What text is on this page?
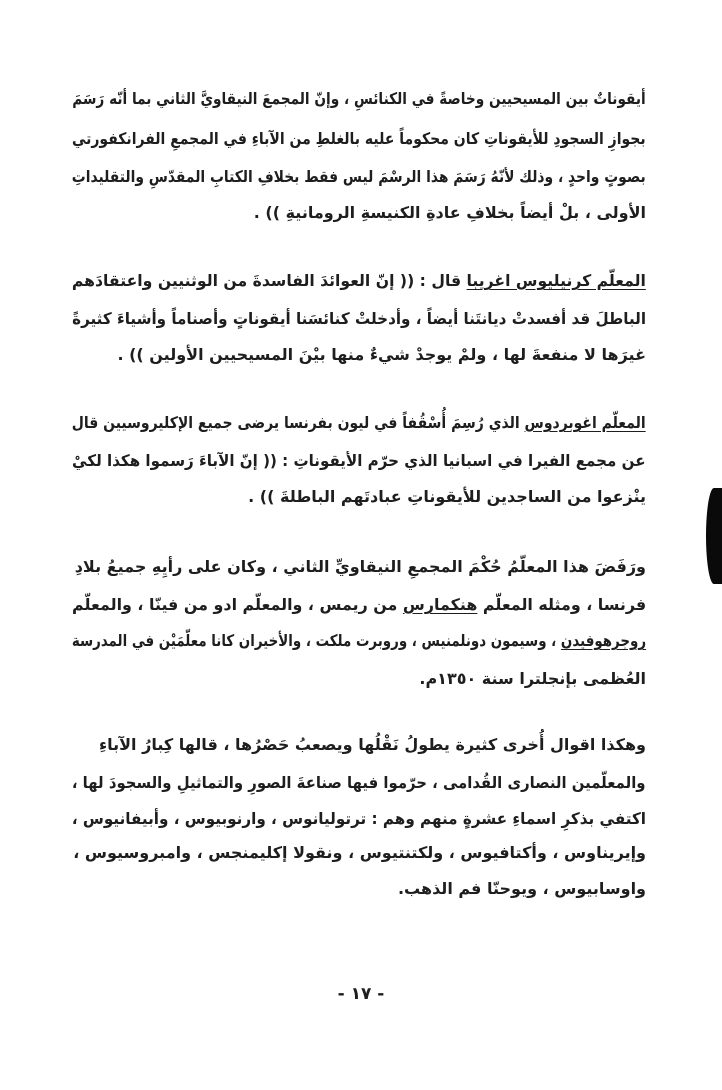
أيقوناتٌ بين المسيحيين وخاصةً في الكنائسِ ، وإنّ المجمعَ النيقاويَّ الثاني بما أنّه رَسَمَ
بجوازِ السجودِ للأيقوناتِ كان محكوماً عليه بالغلطِ من الآباءِ في المجمعِ الفرانكفورتي
بصوتٍ واحدٍ ، وذلك لأنّهُ رَسَمَ هذا الرسْمَ ليس فقط بخلافِ الكتابِ المقدّسِ والتقليداتِ
الأولى ، بلْ أيضاً بخلافِ عادةِ الكنيسةِ الرومانيةِ )) .
المعلّم كرنيليوس اغريبا قال : (( إنّ العوائدَ الفاسدةَ من الوثنيين واعتقادَهم
الباطلَ قد أفسدتْ ديانتَنا أيضاً ، وأدخلتْ كنائسَنا أيقوناتٍ وأصناماً وأشياءَ كثيرةً
غيرَها لا منفعةَ لها ، ولمْ يوجدْ شيءٌ منها بيْنَ المسيحيين الأولين )) .
المعلّم اغوبردوس الذي رُسِمَ أُسْقُفاً في ليون بفرنسا يرضى جميع الإكليروسيين قال
عن مجمع الفيرا في اسبانيا الذي حرّم الأيقوناتِ : (( إنّ الآباءَ رَسموا هكذا لكيْ
ينْزعوا من الساجدين للأيقوناتِ عبادتَهم الباطلةَ )) .
ورَفَضَ هذا المعلّمُ حُكْمَ المجمعِ النيقاويِّ الثاني ، وكان على رأيِهِ جميعُ بلادِ
فرنسا ، ومثله المعلّم هنكمارس من ريمس ، والمعلّم ادو من فينّا ، والمعلّم
روجرهوفيدن ، وسيمون دونلمنيس ، وروبرت ملكت ، والأخيران كانا معلّمَيْن في المدرسة
العُظمى بإنجلترا سنة ١٣٥٠م.
وهكذا اقوال أُخرى كثيرة يطولُ نَقْلُها ويصعبُ حَصْرُها ، قالها كِبارُ الآباءِ
والمعلّمين النصارى القُدامى ، حرّموا فيها صناعةَ الصورِ والتماثيلِ والسجودَ لها ،
اكتفي بذكرِ اسماءِ عشرةٍ منهم وهم : ترتوليانوس ، وارنوبيوس ، وأبيفانيوس ،
وإيريناوس ، وأكتافيوس ، ولكتنتيوس ، ونقولا إكليمنجس ، وامبروسيوس ،
واوسابيوس ، ويوحنّا فم الذهب.
- ١٧ -
